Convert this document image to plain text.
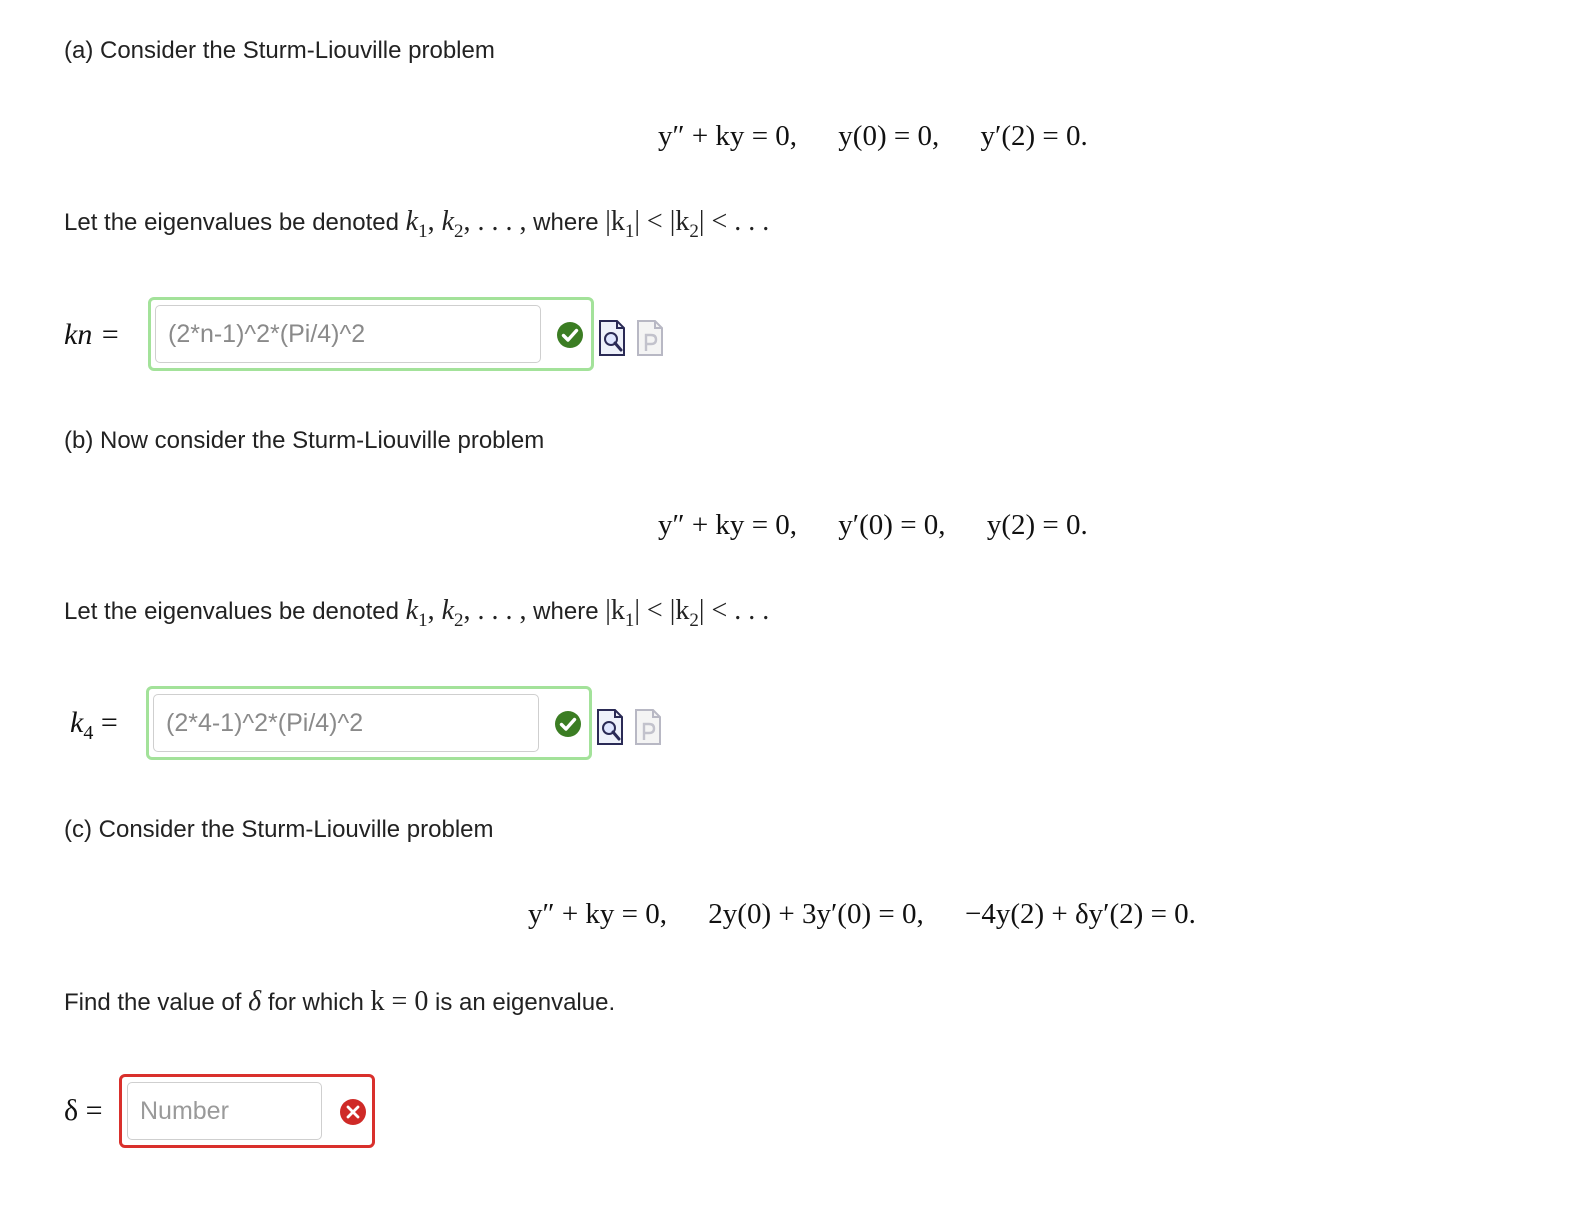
(a) Consider the Sturm-Liouville problem
y″ + ky = 0, y(0) = 0, y′(2) = 0.
Let the eigenvalues be denoted $k_1$, $k_2$, . . . , where $|k_1| < |k_2|$ < . . .
kn =
(2*n-1)^2*(Pi/4)^2
(b) Now consider the Sturm-Liouville problem
y″ + ky = 0, y′(0) = 0, y(2) = 0.
Let the eigenvalues be denoted $k_1$, $k_2$, . . . , where $|k_1| < |k_2|$ < . . .
$k_4$ =
(2*4-1)^2*(Pi/4)^2
(c) Consider the Sturm-Liouville problem
y″ + ky = 0, 2y(0) + 3y′(0) = 0, −4y(2) + δy′(2) = 0.
Find the value of δ for which k = 0 is an eigenvalue.
δ =
Number
